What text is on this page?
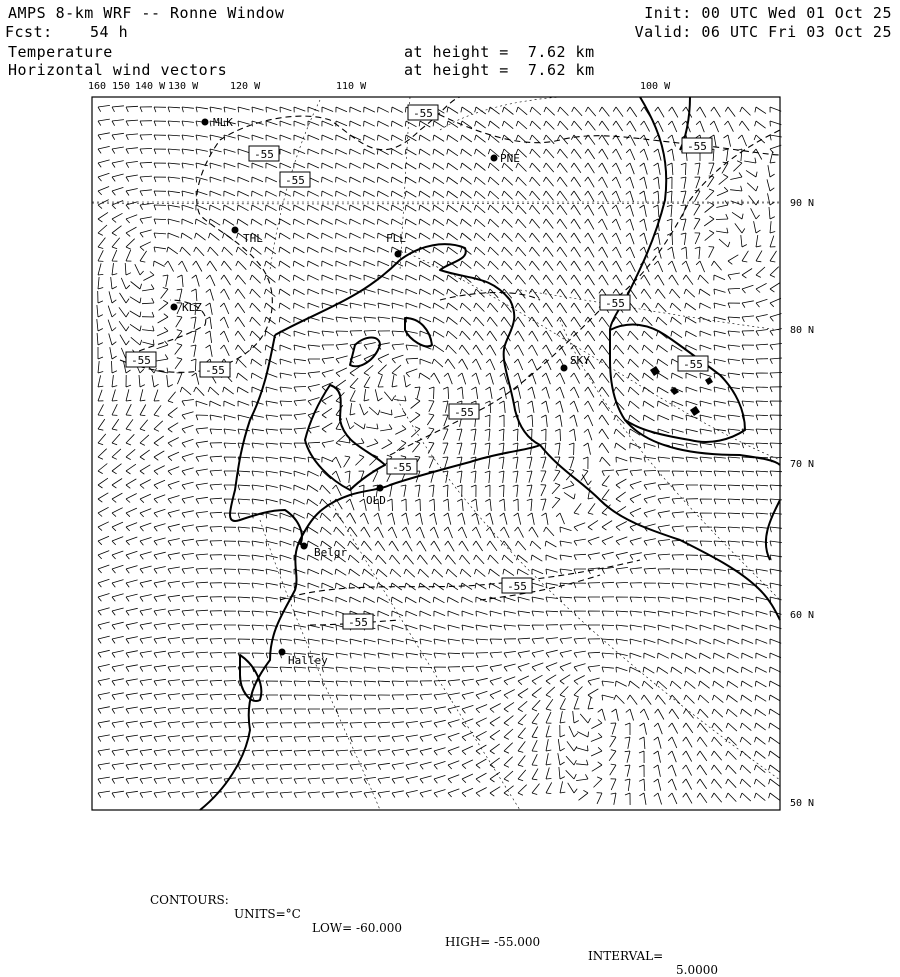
AMPS 8-km WRF -- Ronne Window	Init: 00 UTC Wed 01 Oct 25
Fcst: 54 h	Valid: 06 UTC Fri 03 Oct 25
Temperature	at height =  7.62 km
Horizontal wind vectors	at height =  7.62 km
-55
-55
-55
-55
-55
-55
-55
-55
-55
-55
-55
-55
MLK
PNE
THL	FLL
KLZ
SKY
OLD
Belgr
Halley
160 150 140 W 130 W	120 W	110 W	100 W
90 N
80 N
70 N
60 N
50 N

CONTOURS:

UNITS=°C

LOW= -60.000

HIGH= -55.000

INTERVAL=

5.0000
